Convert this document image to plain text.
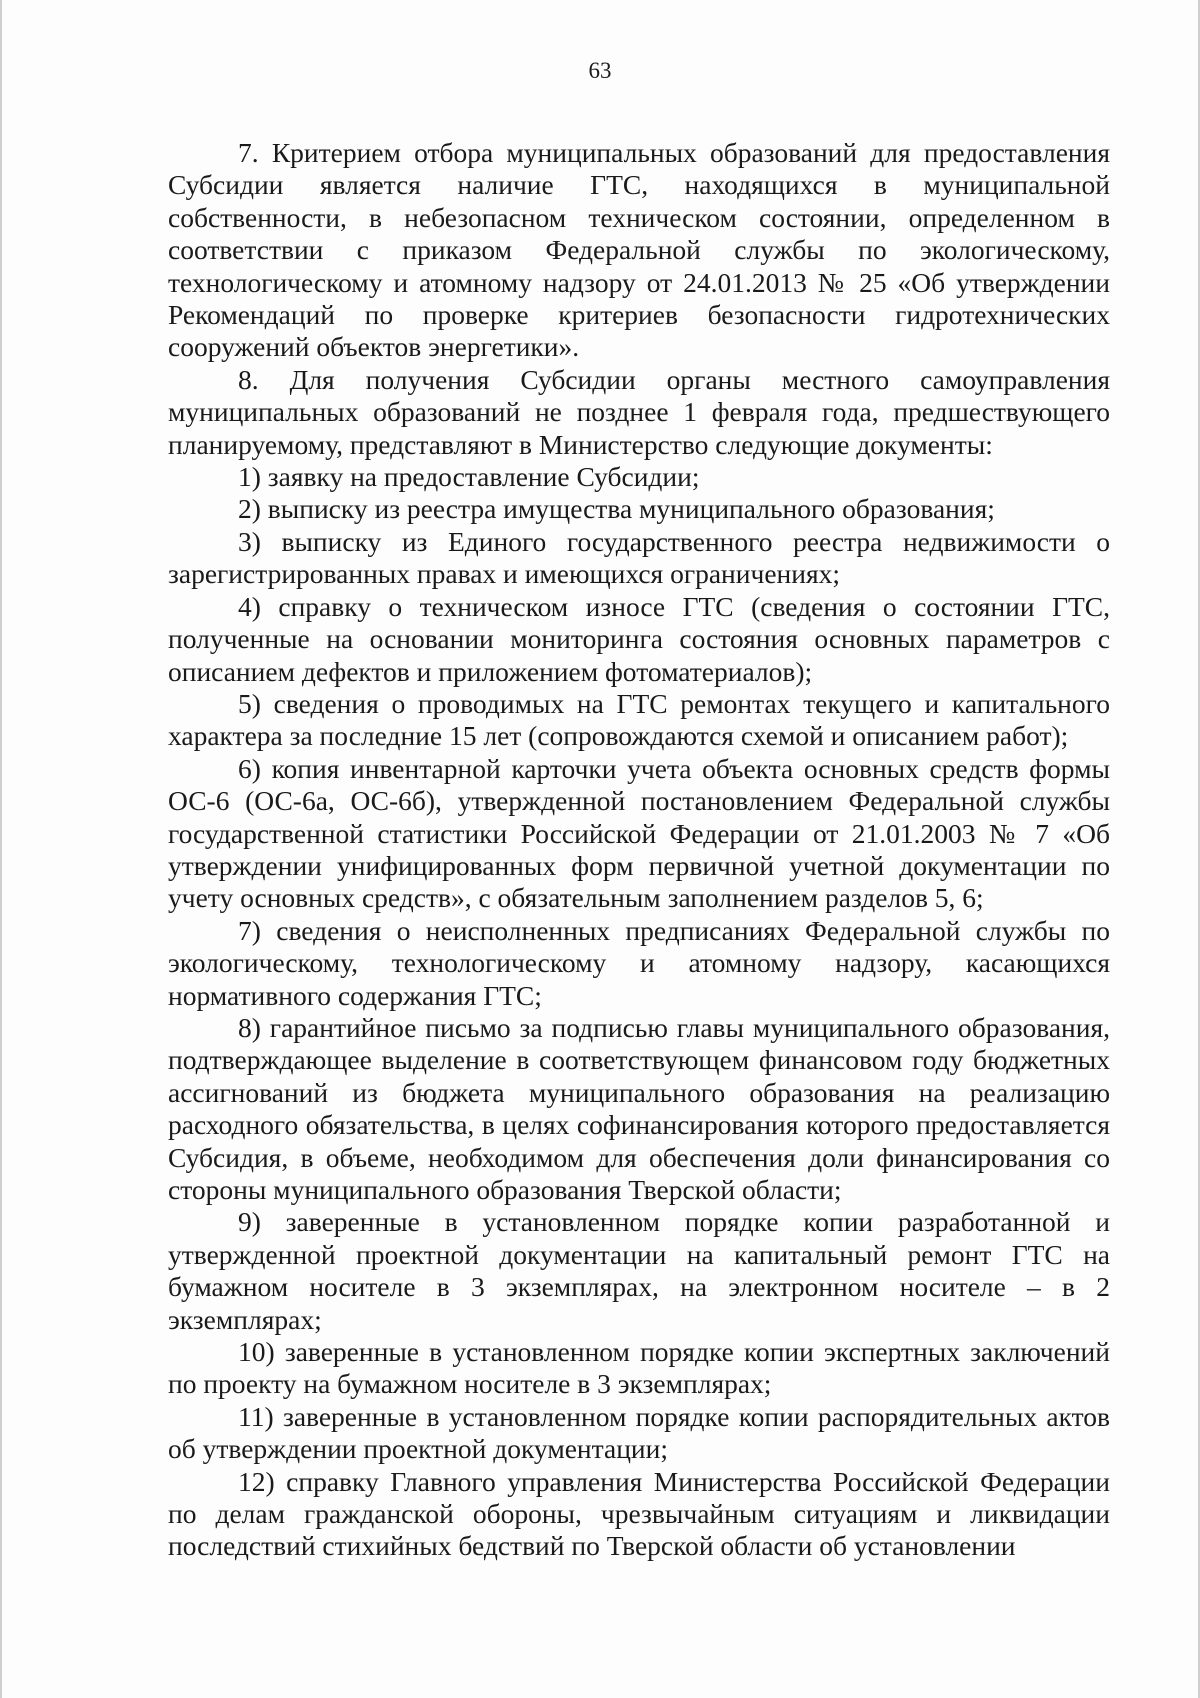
63

7. Критерием отбора муниципальных образований для предоставления Субсидии является наличие ГТС, находящихся в муниципальной собственности, в небезопасном техническом состоянии, определенном в соответствии с приказом Федеральной службы по экологическому, технологическому и атомному надзору от 24.01.2013 № 25 «Об утверждении Рекомендаций по проверке критериев безопасности гидротехнических сооружений объектов энергетики».

8. Для получения Субсидии органы местного самоуправления муниципальных образований не позднее 1 февраля года, предшествующего планируемому, представляют в Министерство следующие документы:

1) заявку на предоставление Субсидии;

2) выписку из реестра имущества муниципального образования;

3) выписку из Единого государственного реестра недвижимости о зарегистрированных правах и имеющихся ограничениях;

4) справку о техническом износе ГТС (сведения о состоянии ГТС, полученные на основании мониторинга состояния основных параметров с описанием дефектов и приложением фотоматериалов);

5) сведения о проводимых на ГТС ремонтах текущего и капитального характера за последние 15 лет (сопровождаются схемой и описанием работ);

6) копия инвентарной карточки учета объекта основных средств формы ОС-6 (ОС-6а, ОС-6б), утвержденной постановлением Федеральной службы государственной статистики Российской Федерации от 21.01.2003 № 7 «Об утверждении унифицированных форм первичной учетной документации по учету основных средств», с обязательным заполнением разделов 5, 6;

7) сведения о неисполненных предписаниях Федеральной службы по экологическому, технологическому и атомному надзору, касающихся нормативного содержания ГТС;

8) гарантийное письмо за подписью главы муниципального образования, подтверждающее выделение в соответствующем финансовом году бюджетных ассигнований из бюджета муниципального образования на реализацию расходного обязательства, в целях софинансирования которого предоставляется Субсидия, в объеме, необходимом для обеспечения доли финансирования со стороны муниципального образования Тверской области;

9) заверенные в установленном порядке копии разработанной и утвержденной проектной документации на капитальный ремонт ГТС на бумажном носителе в 3 экземплярах, на электронном носителе – в 2 экземплярах;

10) заверенные в установленном порядке копии экспертных заключений по проекту на бумажном носителе в 3 экземплярах;

11) заверенные в установленном порядке копии распорядительных актов об утверждении проектной документации;

12) справку Главного управления Министерства Российской Федерации по делам гражданской обороны, чрезвычайным ситуациям и ликвидации последствий стихийных бедствий по Тверской области об установлении
